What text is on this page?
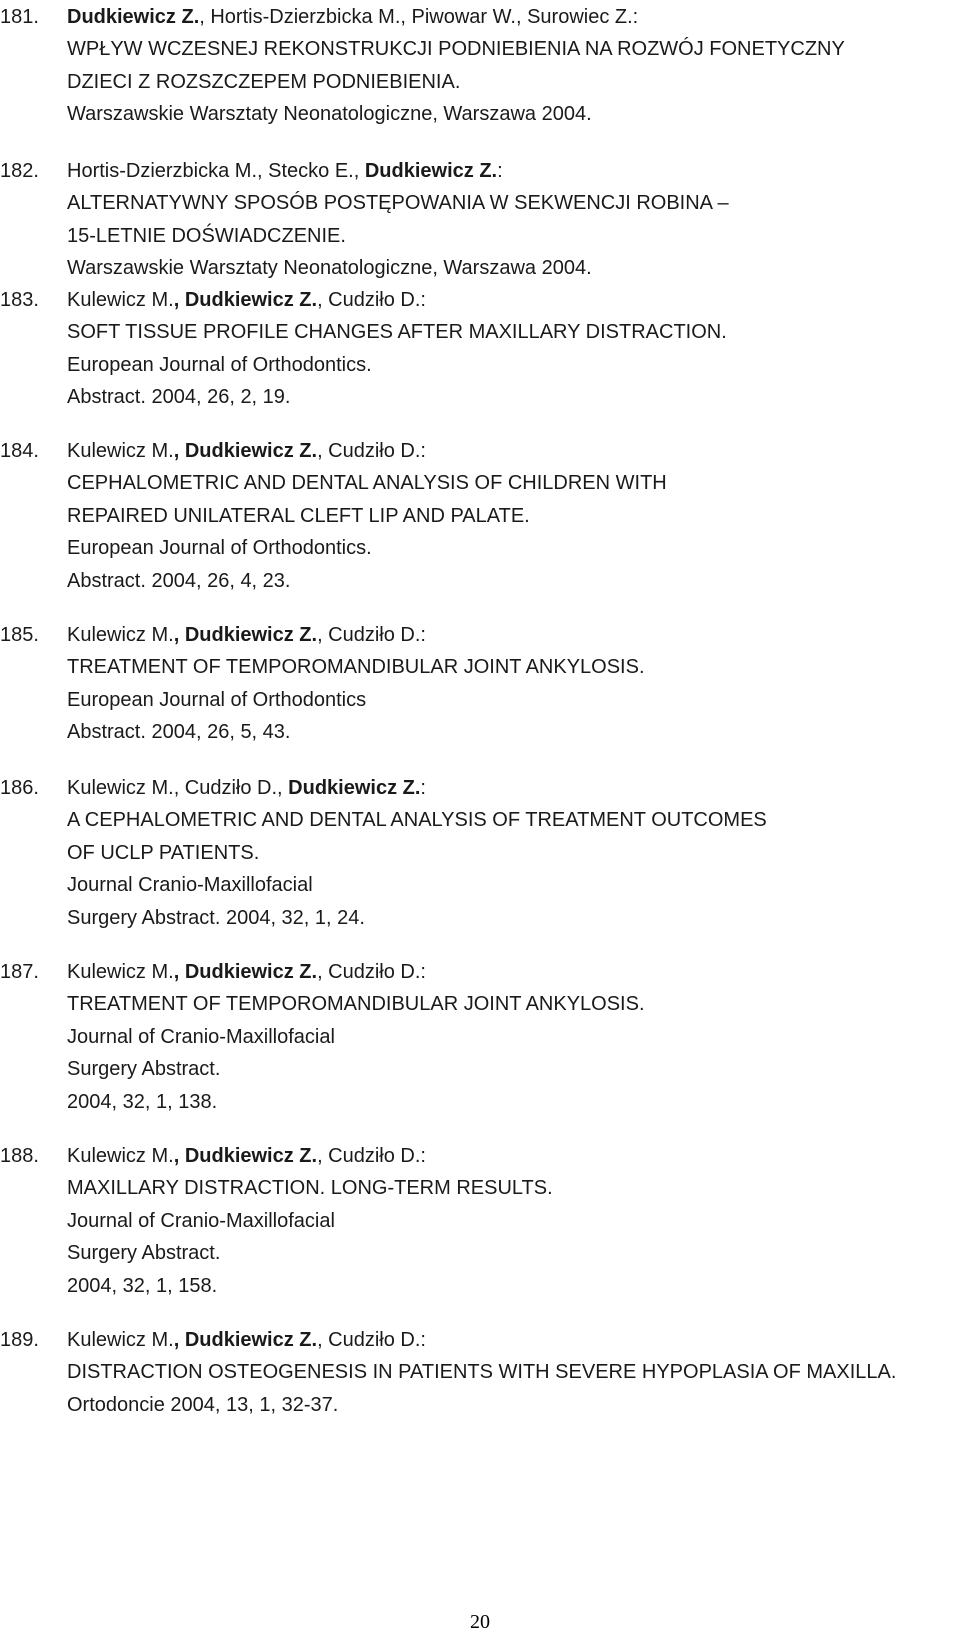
181. Dudkiewicz Z., Hortis-Dzierzbicka M., Piwowar W., Surowiec Z.:
WPŁYW WCZESNEJ REKONSTRUKCJI PODNIEBIENIA NA ROZWÓJ FONETYCZNY
DZIECI Z ROZSZCZEPEM PODNIEBIENIA.
Warszawskie Warsztaty Neonatologiczne, Warszawa 2004.
182. Hortis-Dzierzbicka M., Stecko E., Dudkiewicz Z.:
ALTERNATYWNY SPOSÓB POSTĘPOWANIA W SEKWENCJI ROBINA –
15-LETNIE DOŚWIADCZENIE.
Warszawskie Warsztaty Neonatologiczne, Warszawa 2004.
183. Kulewicz M., Dudkiewicz Z., Cudziło D.:
SOFT TISSUE PROFILE CHANGES AFTER MAXILLARY DISTRACTION.
European Journal of Orthodontics.
Abstract. 2004, 26, 2, 19.
184. Kulewicz M., Dudkiewicz Z., Cudziło D.:
CEPHALOMETRIC AND DENTAL ANALYSIS OF CHILDREN WITH
REPAIRED UNILATERAL CLEFT LIP AND PALATE.
European Journal of Orthodontics.
Abstract. 2004, 26, 4, 23.
185. Kulewicz M., Dudkiewicz Z., Cudziło D.:
TREATMENT OF TEMPOROMANDIBULAR JOINT ANKYLOSIS.
European Journal of Orthodontics
Abstract. 2004, 26, 5, 43.
186. Kulewicz M., Cudziło D., Dudkiewicz Z.:
A CEPHALOMETRIC AND DENTAL ANALYSIS OF TREATMENT OUTCOMES
OF UCLP PATIENTS.
Journal Cranio-Maxillofacial
Surgery Abstract. 2004, 32, 1, 24.
187. Kulewicz M., Dudkiewicz Z., Cudziło D.:
TREATMENT OF TEMPOROMANDIBULAR JOINT ANKYLOSIS.
Journal of Cranio-Maxillofacial
Surgery Abstract.
2004, 32, 1, 138.
188. Kulewicz M., Dudkiewicz Z., Cudziło D.:
MAXILLARY DISTRACTION. LONG-TERM RESULTS.
Journal of Cranio-Maxillofacial
Surgery Abstract.
2004, 32, 1, 158.
189. Kulewicz M., Dudkiewicz Z., Cudziło D.:
DISTRACTION OSTEOGENESIS IN PATIENTS WITH SEVERE HYPOPLASIA OF MAXILLA.
Ortodoncie 2004, 13, 1, 32-37.
20
